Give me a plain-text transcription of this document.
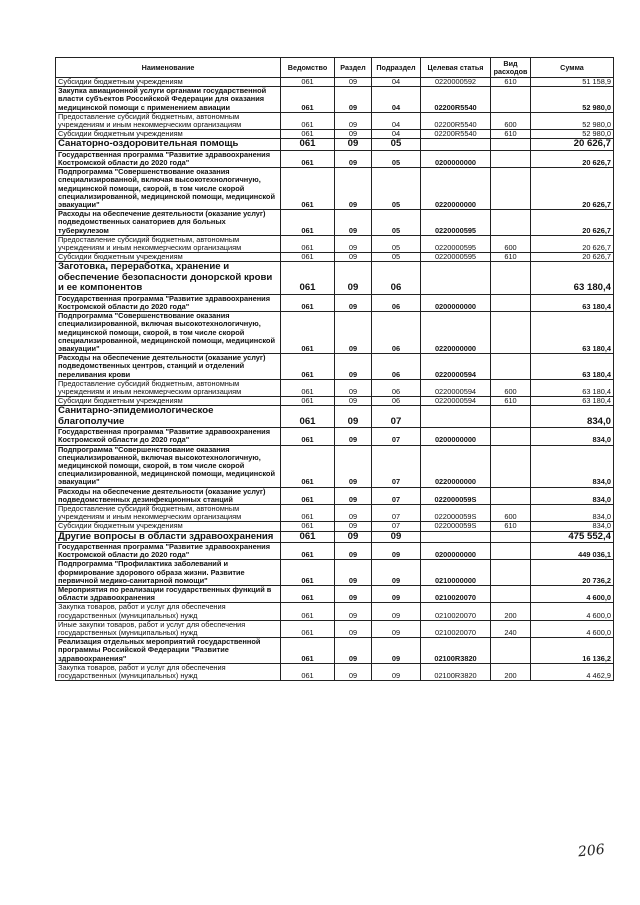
Наименование	Ведомство	Раздел	Подраздел	Целевая статья	Вид расходов	Сумма
Субсидии бюджетным учреждениям	061	09	04	0220000592	610	51 158,9
Закупка авиационной услуги органами государственной власти субъектов Российской Федерации для оказания медицинской помощи с применением авиации	061	09	04	02200R5540		52 980,0
Предоставление субсидий бюджетным, автономным учреждениям и иным некоммерческим организациям	061	09	04	02200R5540	600	52 980,0
Субсидии бюджетным учреждениям	061	09	04	02200R5540	610	52 980,0
Санаторно-оздоровительная помощь	061	09	05			20 626,7
Государственная программа "Развитие здравоохранения Костромской области до 2020 года"	061	09	05	0200000000		20 626,7
Подпрограмма "Совершенствование оказания специализированной, включая высокотехнологичную, медицинской помощи, скорой, в том числе скорой специализированной, медицинской помощи, медицинской эвакуации"	061	09	05	0220000000		20 626,7
Расходы на обеспечение деятельности (оказание услуг) подведомственных санаториев для больных туберкулезом	061	09	05	0220000595		20 626,7
Предоставление субсидий бюджетным, автономным учреждениям и иным некоммерческим организациям	061	09	05	0220000595	600	20 626,7
Субсидии бюджетным учреждениям	061	09	05	0220000595	610	20 626,7
Заготовка, переработка, хранение и обеспечение безопасности донорской крови и ее компонентов	061	09	06			63 180,4
Государственная программа "Развитие здравоохранения Костромской области до 2020 года"	061	09	06	0200000000		63 180,4
Подпрограмма "Совершенствование оказания специализированной, включая высокотехнологичную, медицинской помощи, скорой, в том числе скорой специализированной, медицинской помощи, медицинской эвакуации"	061	09	06	0220000000		63 180,4
Расходы на обеспечение деятельности (оказание услуг) подведомственных центров, станций и отделений переливания крови	061	09	06	0220000594		63 180,4
Предоставление субсидий бюджетным, автономным учреждениям и иным некоммерческим организациям	061	09	06	0220000594	600	63 180,4
Субсидии бюджетным учреждениям	061	09	06	0220000594	610	63 180,4
Санитарно-эпидемиологическое благополучие	061	09	07			834,0
Государственная программа "Развитие здравоохранения Костромской области до 2020 года"	061	09	07	0200000000		834,0
Подпрограмма "Совершенствование оказания специализированной, включая высокотехнологичную, медицинской помощи, скорой, в том числе скорой специализированной, медицинской помощи, медицинской эвакуации"	061	09	07	0220000000		834,0
Расходы на обеспечение деятельности (оказание услуг) подведомственных дезинфекционных станций	061	09	07	022000059S		834,0
Предоставление субсидий бюджетным, автономным учреждениям и иным некоммерческим организациям	061	09	07	022000059S	600	834,0
Субсидии бюджетным учреждениям	061	09	07	022000059S	610	834,0
Другие вопросы в области здравоохранения	061	09	09			475 552,4
Государственная программа "Развитие здравоохранения Костромской области до 2020 года"	061	09	09	0200000000		449 036,1
Подпрограмма "Профилактика заболеваний и формирование здорового образа жизни. Развитие первичной медико-санитарной помощи"	061	09	09	0210000000		20 736,2
Мероприятия по реализации государственных функций в области здравоохранения	061	09	09	0210020070		4 600,0
Закупка товаров, работ и услуг для обеспечения государственных (муниципальных) нужд	061	09	09	0210020070	200	4 600,0
Иные закупки товаров, работ и услуг для обеспечения государственных (муниципальных) нужд	061	09	09	0210020070	240	4 600,0
Реализация отдельных мероприятий государственной программы Российской Федерации "Развитие здравоохранения"	061	09	09	02100R3820		16 136,2
Закупка товаров, работ и услуг для обеспечения государственных (муниципальных) нужд	061	09	09	02100R3820	200	4 462,9
206
